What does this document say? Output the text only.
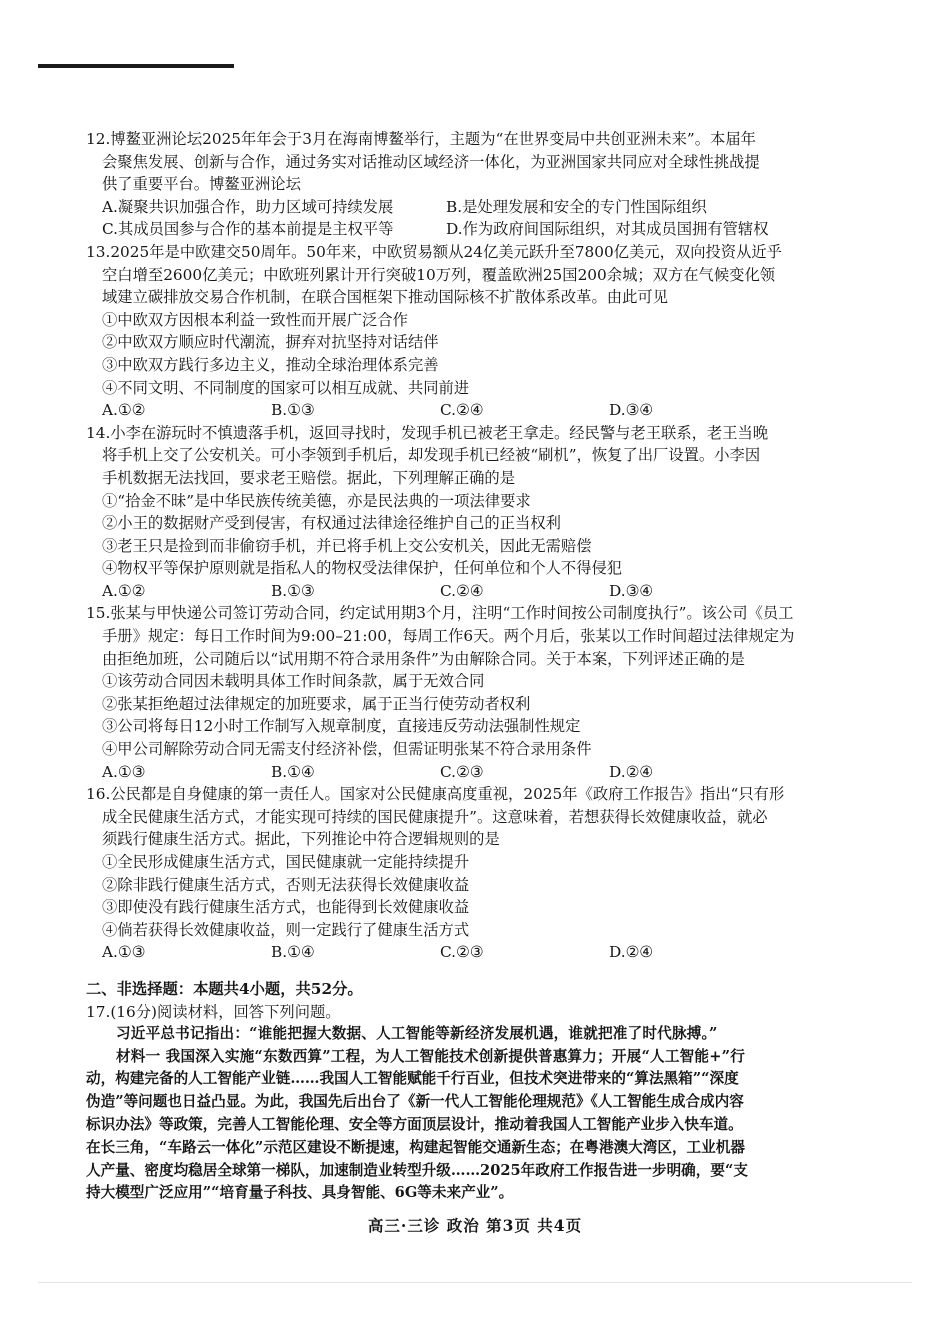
12.博鳌亚洲论坛2025年年会于3月在海南博鳌举行，主题为“在世界变局中共创亚洲未来”。本届年

会聚焦发展、创新与合作，通过务实对话推动区域经济一体化，为亚洲国家共同应对全球性挑战提

供了重要平台。博鳌亚洲论坛

A.凝聚共识加强合作，助力区域可持续发展	B.是处理发展和安全的专门性国际组织
C.其成员国参与合作的基本前提是主权平等	D.作为政府间国际组织，对其成员国拥有管辖权

13.2025年是中欧建交50周年。50年来，中欧贸易额从24亿美元跃升至7800亿美元，双向投资从近乎

空白增至2600亿美元；中欧班列累计开行突破10万列，覆盖欧洲25国200余城；双方在气候变化领

域建立碳排放交易合作机制，在联合国框架下推动国际核不扩散体系改革。由此可见

①中欧双方因根本利益一致性而开展广泛合作
②中欧双方顺应时代潮流，摒弃对抗坚持对话结伴
③中欧双方践行多边主义，推动全球治理体系完善
④不同文明、不同制度的国家可以相互成就、共同前进
A.①②	B.①③	C.②④	D.③④

14.小李在游玩时不慎遗落手机，返回寻找时，发现手机已被老王拿走。经民警与老王联系，老王当晚

将手机上交了公安机关。可小李领到手机后，却发现手机已经被“刷机”，恢复了出厂设置。小李因

手机数据无法找回，要求老王赔偿。据此，下列理解正确的是

①“拾金不昧”是中华民族传统美德，亦是民法典的一项法律要求
②小王的数据财产受到侵害，有权通过法律途径维护自己的正当权利
③老王只是捡到而非偷窃手机，并已将手机上交公安机关，因此无需赔偿
④物权平等保护原则就是指私人的物权受法律保护，任何单位和个人不得侵犯
A.①②	B.①③	C.②④	D.③④

15.张某与甲快递公司签订劳动合同，约定试用期3个月，注明“工作时间按公司制度执行”。该公司《员工

手册》规定：每日工作时间为9:00–21:00，每周工作6天。两个月后，张某以工作时间超过法律规定为

由拒绝加班，公司随后以“试用期不符合录用条件”为由解除合同。关于本案，下列评述正确的是

①该劳动合同因未载明具体工作时间条款，属于无效合同
②张某拒绝超过法律规定的加班要求，属于正当行使劳动者权利
③公司将每日12小时工作制写入规章制度，直接违反劳动法强制性规定
④甲公司解除劳动合同无需支付经济补偿，但需证明张某不符合录用条件
A.①③	B.①④	C.②③	D.②④

16.公民都是自身健康的第一责任人。国家对公民健康高度重视，2025年《政府工作报告》指出“只有形

成全民健康生活方式，才能实现可持续的国民健康提升”。这意味着，若想获得长效健康收益，就必

须践行健康生活方式。据此，下列推论中符合逻辑规则的是

①全民形成健康生活方式，国民健康就一定能持续提升
②除非践行健康生活方式，否则无法获得长效健康收益
③即使没有践行健康生活方式，也能得到长效健康收益
④倘若获得长效健康收益，则一定践行了健康生活方式
A.①③	B.①④	C.②③	D.②④
二、非选择题：本题共4小题，共52分。

17.(16分)阅读材料，回答下列问题。

习近平总书记指出：“谁能把握大数据、人工智能等新经济发展机遇，谁就把准了时代脉搏。”

材料一 我国深入实施“东数西算”工程，为人工智能技术创新提供普惠算力；开展“人工智能+”行

动，构建完备的人工智能产业链……我国人工智能赋能千行百业，但技术突进带来的“算法黑箱”“深度

伪造”等问题也日益凸显。为此，我国先后出台了《新一代人工智能伦理规范》《人工智能生成合成内容

标识办法》等政策，完善人工智能伦理、安全等方面顶层设计，推动着我国人工智能产业步入快车道。

在长三角，“车路云一体化”示范区建设不断提速，构建起智能交通新生态；在粤港澳大湾区，工业机器

人产量、密度均稳居全球第一梯队，加速制造业转型升级……2025年政府工作报告进一步明确，要“支

持大模型广泛应用”“培育量子科技、具身智能、6G等未来产业”。

高三·三诊 政治 第3页 共4页
